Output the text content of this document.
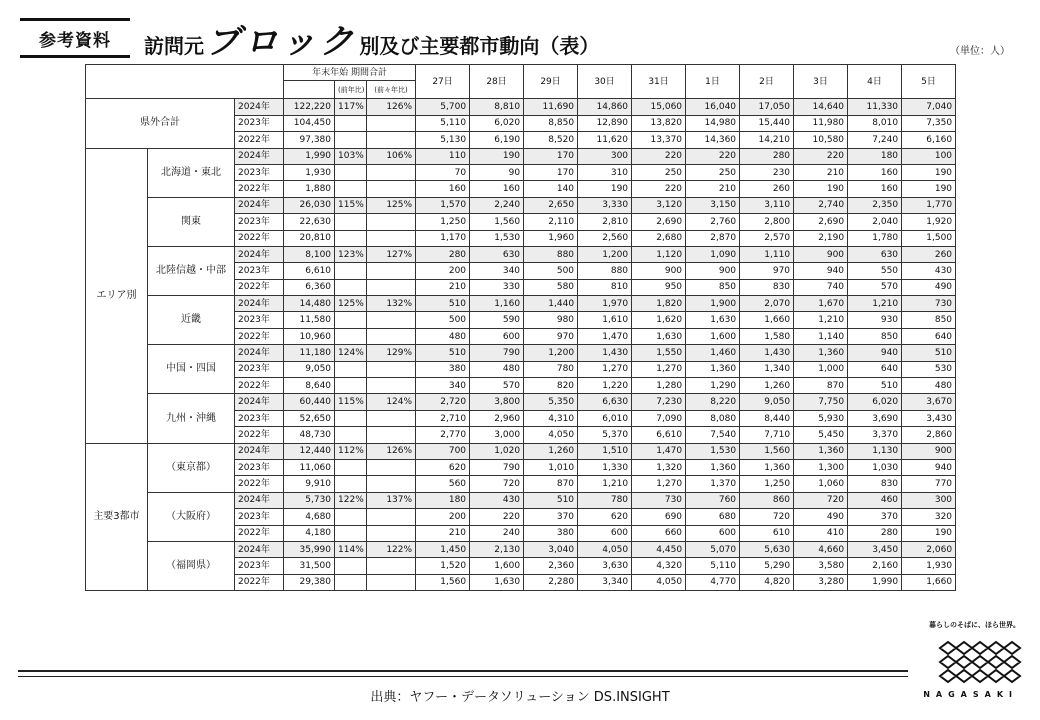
参考資料	訪問元 ブロック 別及び主要都市動向（表）	（単位：人）
			年末年始 期間合計			27日	28日	29日	30日	31日	1日	2日	3日	4日	5日
				(前年比)	(前々年比)										
県外合計		2024年	122,220	117%	126%	5,700	8,810	11,690	14,860	15,060	16,040	17,050	14,640	11,330	7,040
		2023年	104,450			5,110	6,020	8,850	12,890	13,820	14,980	15,440	11,980	8,010	7,350
		2022年	97,380			5,130	6,190	8,520	11,620	13,370	14,360	14,210	10,580	7,240	6,160
エリア別	北海道・東北	2024年	1,990	103%	106%	110	190	170	300	220	220	280	220	180	100
		2023年	1,930			70	90	170	310	250	250	230	210	160	190
		2022年	1,880			160	160	140	190	220	210	260	190	160	190
	関東	2024年	26,030	115%	125%	1,570	2,240	2,650	3,330	3,120	3,150	3,110	2,740	2,350	1,770
		2023年	22,630			1,250	1,560	2,110	2,810	2,690	2,760	2,800	2,690	2,040	1,920
		2022年	20,810			1,170	1,530	1,960	2,560	2,680	2,870	2,570	2,190	1,780	1,500
	北陸信越・中部	2024年	8,100	123%	127%	280	630	880	1,200	1,120	1,090	1,110	900	630	260
		2023年	6,610			200	340	500	880	900	900	970	940	550	430
		2022年	6,360			210	330	580	810	950	850	830	740	570	490
	近畿	2024年	14,480	125%	132%	510	1,160	1,440	1,970	1,820	1,900	2,070	1,670	1,210	730
		2023年	11,580			500	590	980	1,610	1,620	1,630	1,660	1,210	930	850
		2022年	10,960			480	600	970	1,470	1,630	1,600	1,580	1,140	850	640
	中国・四国	2024年	11,180	124%	129%	510	790	1,200	1,430	1,550	1,460	1,430	1,360	940	510
		2023年	9,050			380	480	780	1,270	1,270	1,360	1,340	1,000	640	530
		2022年	8,640			340	570	820	1,220	1,280	1,290	1,260	870	510	480
	九州・沖縄	2024年	60,440	115%	124%	2,720	3,800	5,350	6,630	7,230	8,220	9,050	7,750	6,020	3,670
		2023年	52,650			2,710	2,960	4,310	6,010	7,090	8,080	8,440	5,930	3,690	3,430
		2022年	48,730			2,770	3,000	4,050	5,370	6,610	7,540	7,710	5,450	3,370	2,860
主要3都市	（東京都）	2024年	12,440	112%	126%	700	1,020	1,260	1,510	1,470	1,530	1,560	1,360	1,130	900
		2023年	11,060			620	790	1,010	1,330	1,320	1,360	1,360	1,300	1,030	940
		2022年	9,910			560	720	870	1,210	1,270	1,370	1,250	1,060	830	770
	（大阪府）	2024年	5,730	122%	137%	180	430	510	780	730	760	860	720	460	300
		2023年	4,680			200	220	370	620	690	680	720	490	370	320
		2022年	4,180			210	240	380	600	660	600	610	410	280	190
	（福岡県）	2024年	35,990	114%	122%	1,450	2,130	3,040	4,050	4,450	5,070	5,630	4,660	3,450	2,060
		2023年	31,500			1,520	1,600	2,360	3,630	4,320	5,110	5,290	3,580	2,160	1,930
		2022年	29,380			1,560	1,630	2,280	3,340	4,050	4,770	4,820	3,280	1,990	1,660
暮らしのそばに、ほら世界。
NAGASAKI
出典：ヤフー・データソリューション DS.INSIGHT
